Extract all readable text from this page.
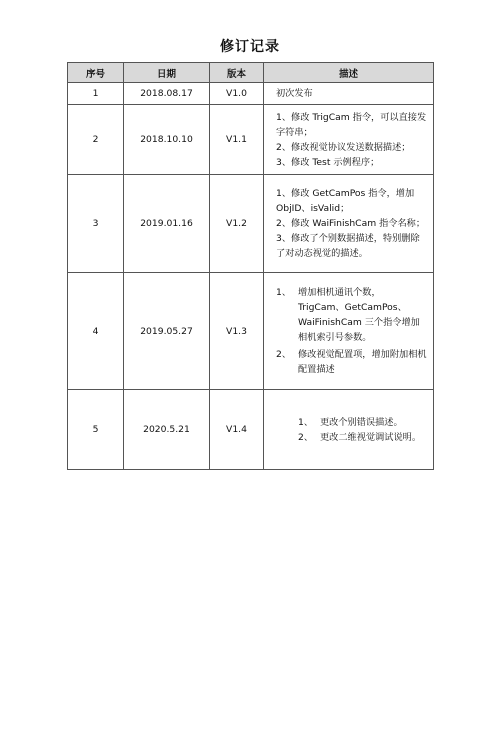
修订记录
序号	日期	版本	描述
1	2018.08.17	V1.0	初次发布

2	2018.10.10	V1.1	1、修改 TrigCam 指令，可以直接发字符串；

2、修改视觉协议发送数据描述；

3、修改 Test 示例程序；

3	2019.01.16	V1.2	1、修改 GetCamPos 指令，增加 ObjID、isValid；

2、修改 WaiFinishCam 指令名称；

3、修改了个别数据描述，特别删除了对动态视觉的描述。

4	2019.05.27	V1.3	1、 增加相机通讯个数，TrigCam、GetCamPos、WaiFinishCam 三个指令增加相机索引号参数。
2、 修改视觉配置项，增加附加相机配置描述

5	2020.5.21	V1.4	1、 更改个别错误描述。
2、 更改二维视觉调试说明。
